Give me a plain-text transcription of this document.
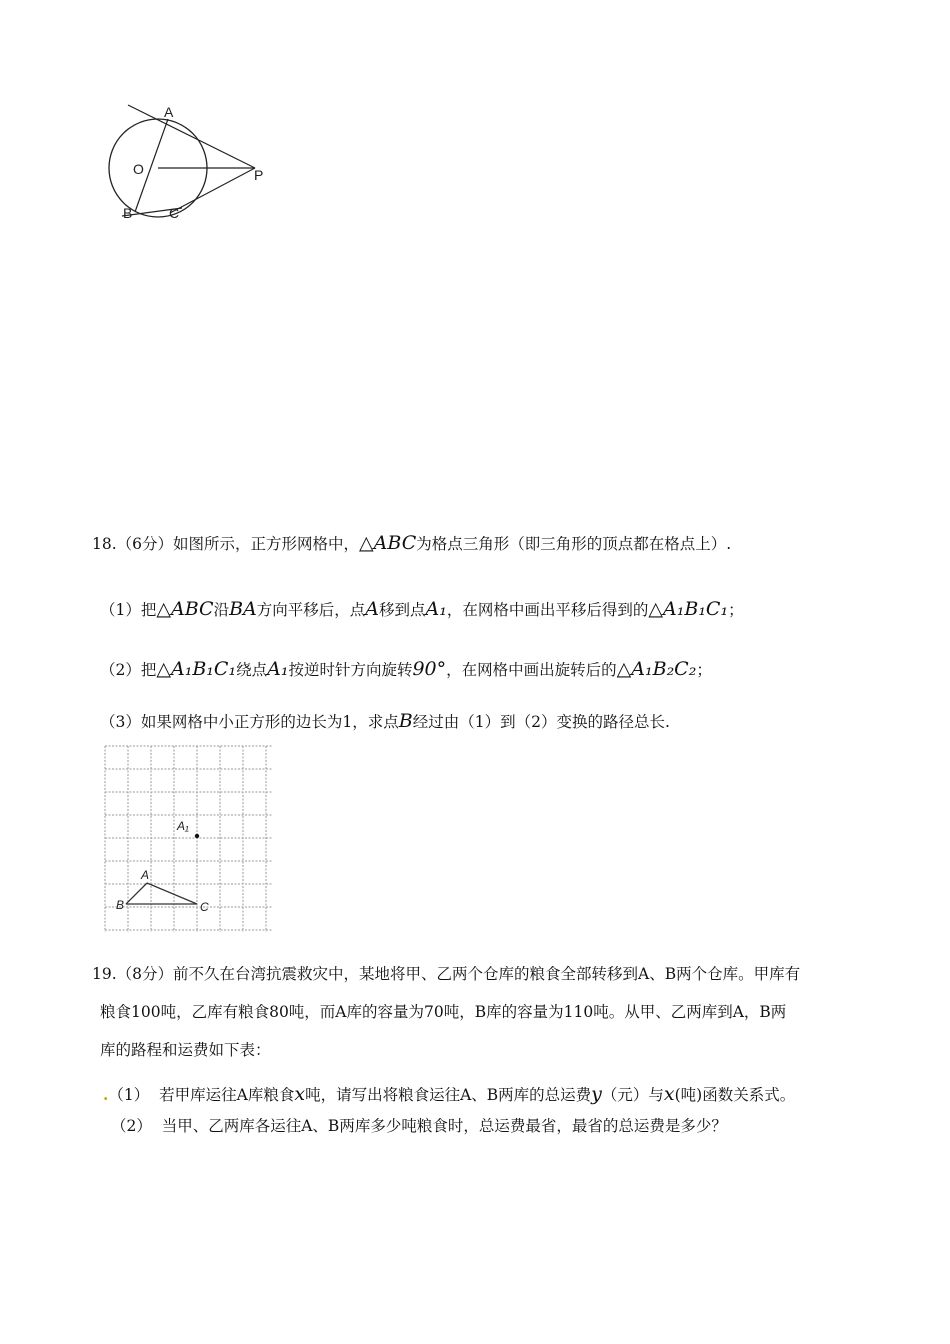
A
O	P
B	C
18.（6分）如图所示，正方形网格中，△ABC为格点三角形（即三角形的顶点都在格点上）.
（1）把△ABC沿BA方向平移后，点A移到点A₁，在网格中画出平移后得到的△A₁B₁C₁；
（2）把△A₁B₁C₁绕点A₁按逆时针方向旋转90°，在网格中画出旋转后的△A₁B₂C₂；
（3）如果网格中小正方形的边长为1，求点B经过由（1）到（2）变换的路径总长.
A₁
A
B	C
19.（8分）前不久在台湾抗震救灾中，某地将甲、乙两个仓库的粮食全部转移到A、B两个仓库。甲库有
粮食100吨，乙库有粮食80吨，而A库的容量为70吨，B库的容量为110吨。从甲、乙两库到A，B两
库的路程和运费如下表：
.（1） 若甲库运往A库粮食x吨，请写出将粮食运往A、B两库的总运费y（元）与x(吨)函数关系式。
（2） 当甲、乙两库各运往A、B两库多少吨粮食时，总运费最省，最省的总运费是多少？
